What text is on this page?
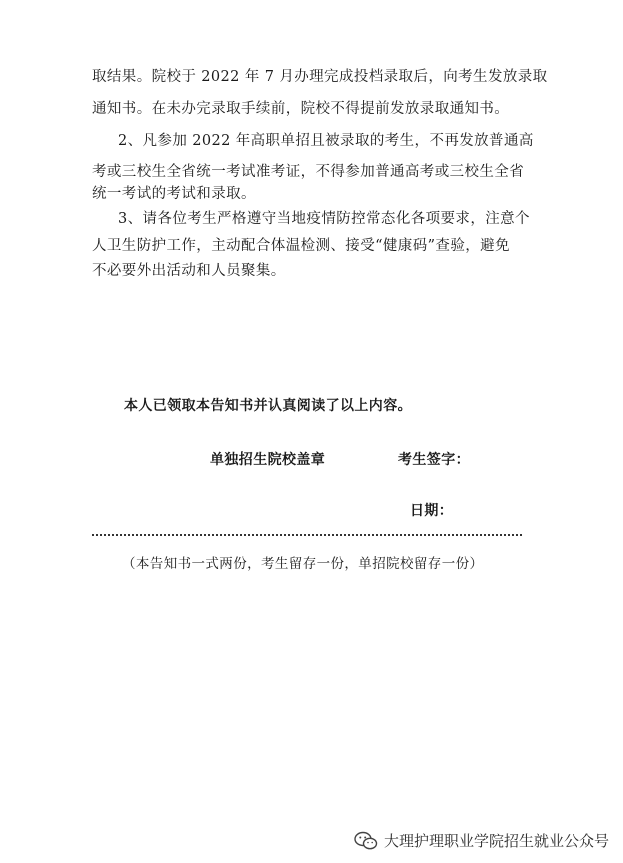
取结果。院校于 2022 年 7 月办理完成投档录取后，向考生发放录取
通知书。在未办完录取手续前，院校不得提前发放录取通知书。
2、凡参加 2022 年高职单招且被录取的考生，不再发放普通高
考或三校生全省统一考试准考证，不得参加普通高考或三校生全省
统一考试的考试和录取。
3、请各位考生严格遵守当地疫情防控常态化各项要求，注意个
人卫生防护工作，主动配合体温检测、接受“健康码”查验，避免
不必要外出活动和人员聚集。
本人已领取本告知书并认真阅读了以上内容。
单独招生院校盖章	考生签字：
日期：
（本告知书一式两份，考生留存一份，单招院校留存一份）
大理护理职业学院招生就业公众号
